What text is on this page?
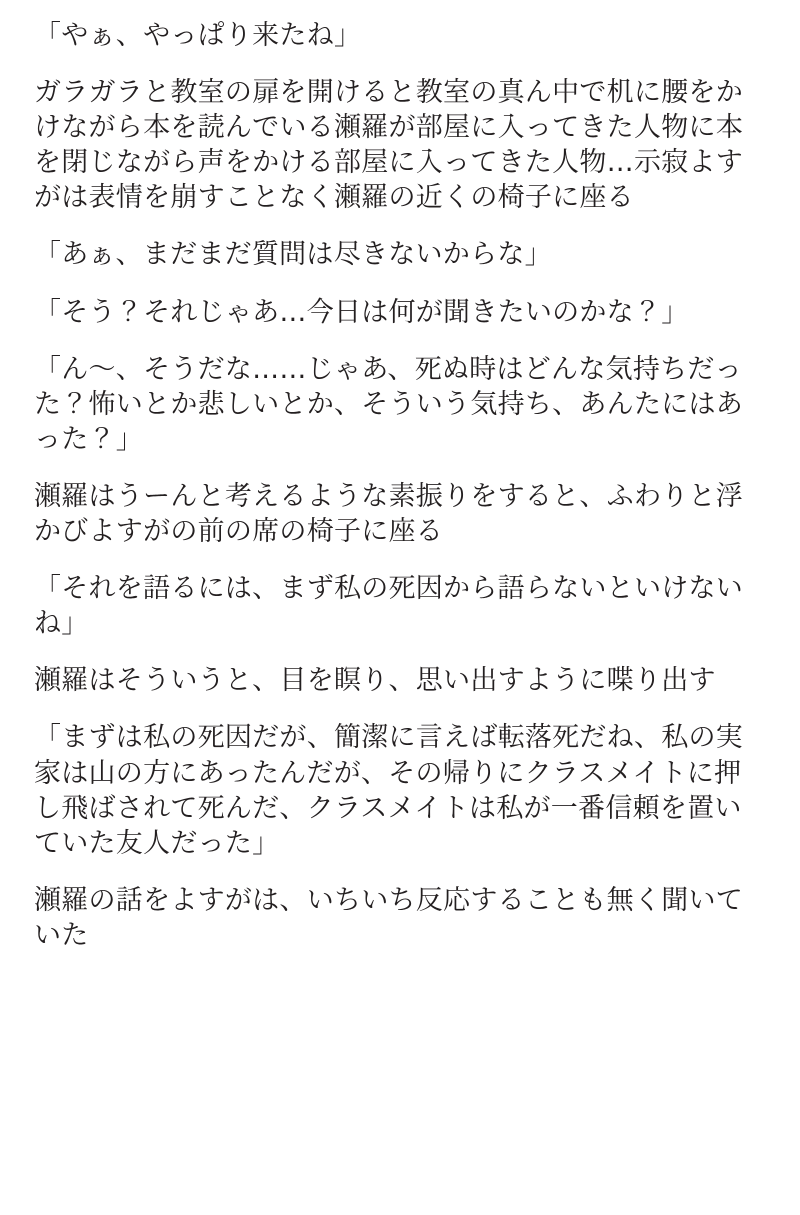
「やぁ、やっぱり来たね」

ガラガラと教室の扉を開けると教室の真ん中で机に腰をかけながら本を読んでいる瀬羅が部屋に入ってきた人物に本を閉じながら声をかける部屋に入ってきた人物…示寂よすがは表情を崩すことなく瀬羅の近くの椅子に座る

「あぁ、まだまだ質問は尽きないからな」

「そう？それじゃあ…今日は何が聞きたいのかな？」

「ん〜、そうだな……じゃあ、死ぬ時はどんな気持ちだった？怖いとか悲しいとか、そういう気持ち、あんたにはあった？」

瀬羅はうーんと考えるような素振りをすると、ふわりと浮かびよすがの前の席の椅子に座る

「それを語るには、まず私の死因から語らないといけないね」

瀬羅はそういうと、目を瞑り、思い出すように喋り出す

「まずは私の死因だが、簡潔に言えば転落死だね、私の実家は山の方にあったんだが、その帰りにクラスメイトに押し飛ばされて死んだ、クラスメイトは私が一番信頼を置いていた友人だった」

瀬羅の話をよすがは、いちいち反応することも無く聞いていた
